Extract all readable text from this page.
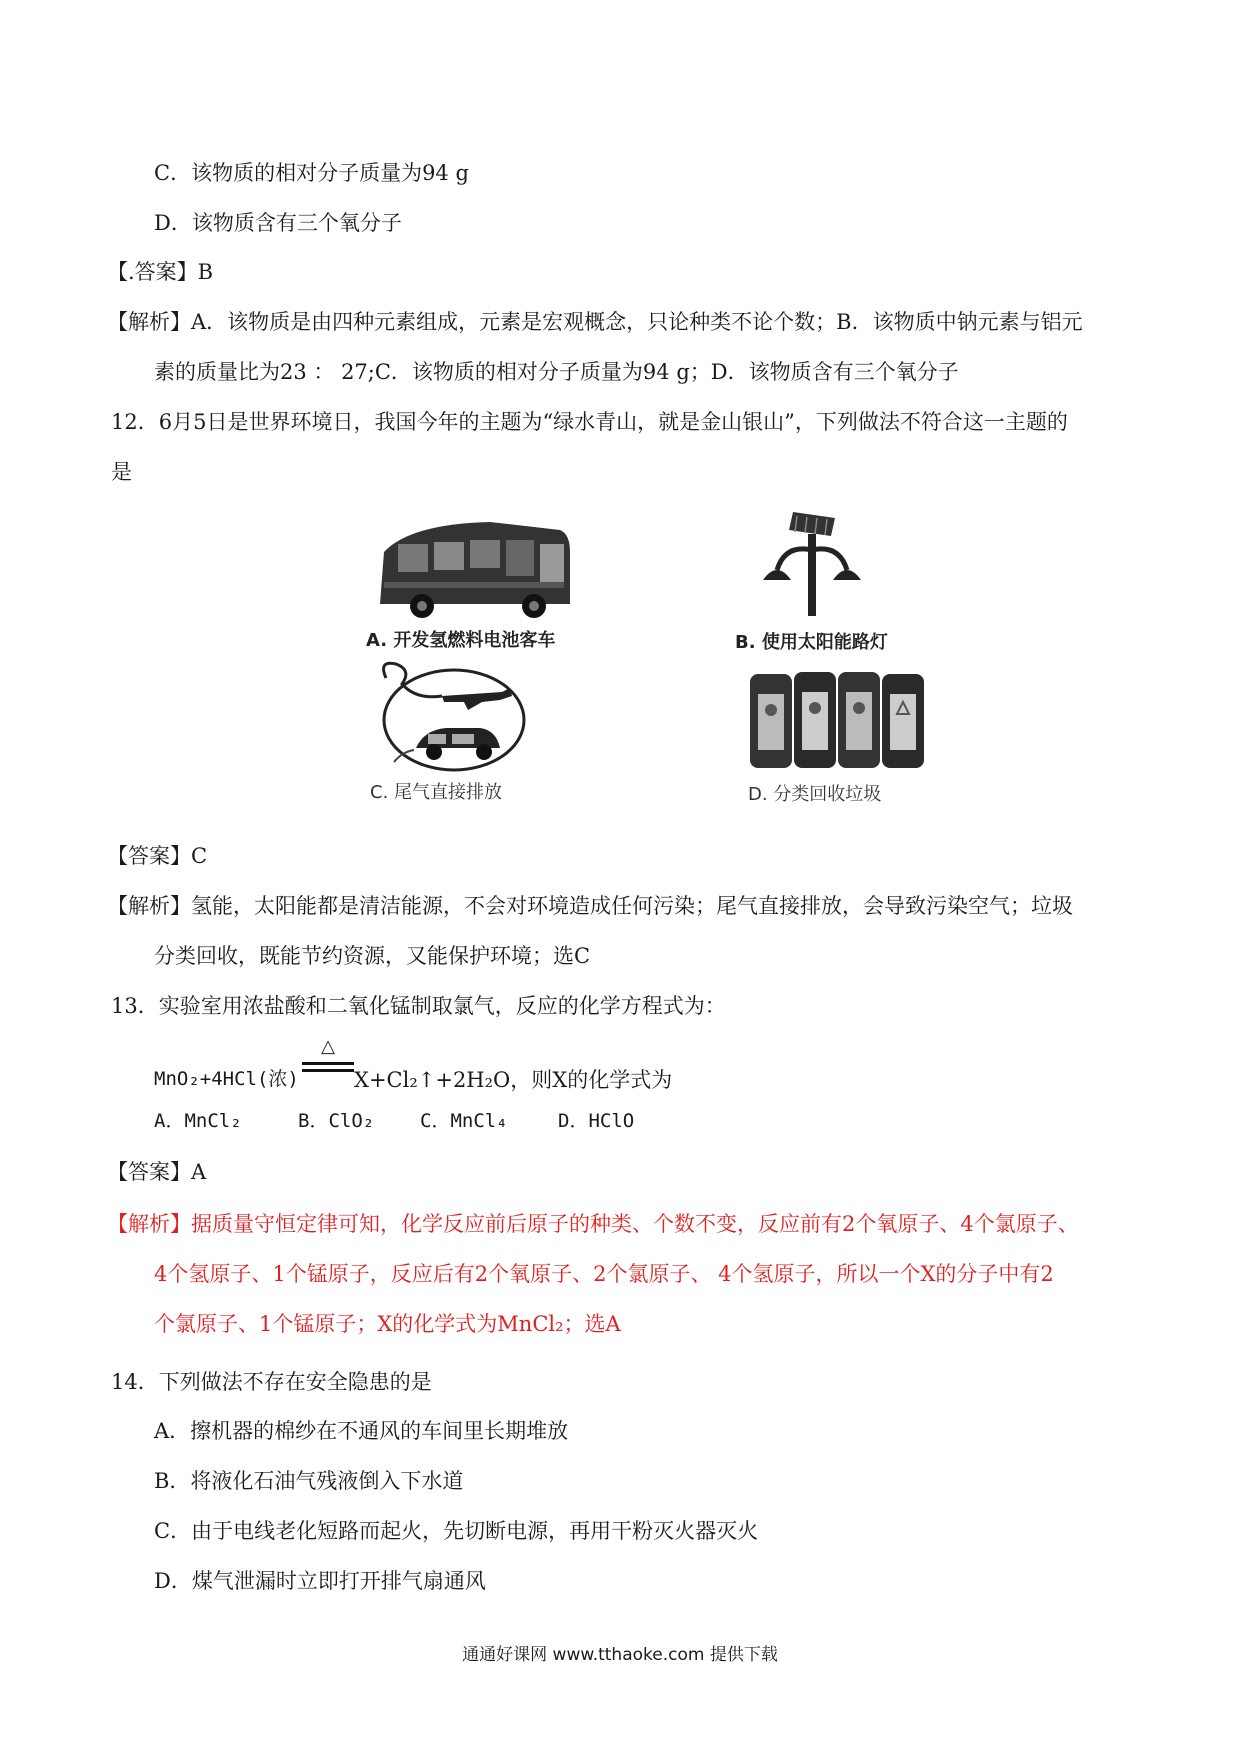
C．该物质的相对分子质量为94 g
D．该物质含有三个氧分子
【.答案】B
【解析】A．该物质是由四种元素组成，元素是宏观概念，只论种类不论个数；B．该物质中钠元素与铝元
素的质量比为23 ： 27;C．该物质的相对分子质量为94 g；D．该物质含有三个氧分子
12．6月5日是世界环境日，我国今年的主题为“绿水青山，就是金山银山”，下列做法不符合这一主题的
是
A. 开发氢燃料电池客车	B. 使用太阳能路灯
C. 尾气直接排放	D. 分类回收垃圾
【答案】C
【解析】氢能，太阳能都是清洁能源，不会对环境造成任何污染；尾气直接排放，会导致污染空气；垃圾
分类回收，既能节约资源，又能保护环境；选C
13．实验室用浓盐酸和二氧化锰制取氯气，反应的化学方程式为：
MnO₂+4HCl(浓)
△
X+Cl₂↑+2H₂O，则X的化学式为
A．MnCl₂	B．ClO₂ C．MnCl₄	D．HClO
【答案】A
【解析】据质量守恒定律可知，化学反应前后原子的种类、个数不变，反应前有2个氧原子、4个氯原子、
4个氢原子、1个锰原子，反应后有2个氧原子、2个氯原子、 4个氢原子，所以一个X的分子中有2
个氯原子、1个锰原子；X的化学式为MnCl₂；选A
14．下列做法不存在安全隐患的是
A．擦机器的棉纱在不通风的车间里长期堆放
B．将液化石油气残液倒入下水道
C．由于电线老化短路而起火，先切断电源，再用干粉灭火器灭火
D．煤气泄漏时立即打开排气扇通风
通通好课网 www.tthaoke.com 提供下载
